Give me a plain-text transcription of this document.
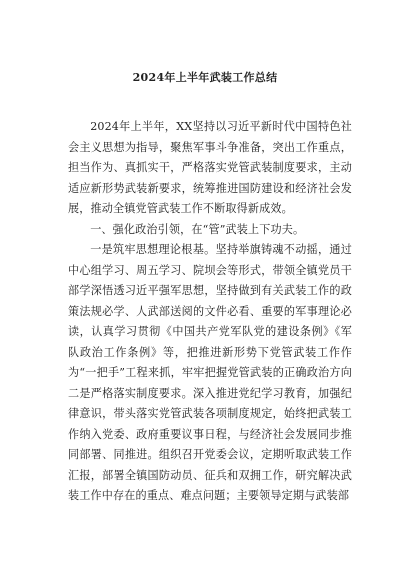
2024年上半年武装工作总结

2024年上半年，XX坚持以习近平新时代中国特色社会主义思想为指导，聚焦军事斗争准备，突出工作重点，担当作为、真抓实干，严格落实党管武装制度要求，主动适应新形势武装新要求，统筹推进国防建设和经济社会发展，推动全镇党管武装工作不断取得新成效。

一、强化政治引领，在“管”武装上下功夫。

一是筑牢思想理论根基。坚持举旗铸魂不动摇，通过中心组学习、周五学习、院坝会等形式，带领全镇党员干部学深悟透习近平强军思想，坚持做到有关武装工作的政策法规必学、人武部送阅的文件必看、重要的军事理论必读，认真学习贯彻《中国共产党军队党的建设条例》《军队政治工作条例》等，把推进新形势下党管武装工作作为“一把手”工程来抓，牢牢把握党管武装的正确政治方向二是严格落实制度要求。深入推进党纪学习教育，加强纪律意识，带头落实党管武装各项制度规定，始终把武装工作纳入党委、政府重要议事日程，与经济社会发展同步推同部署、同推进。组织召开党委会议，定期听取武装工作汇报，部署全镇国防动员、征兵和双拥工作，研究解决武装工作中存在的重点、难点问题；主要领导定期与武装部
